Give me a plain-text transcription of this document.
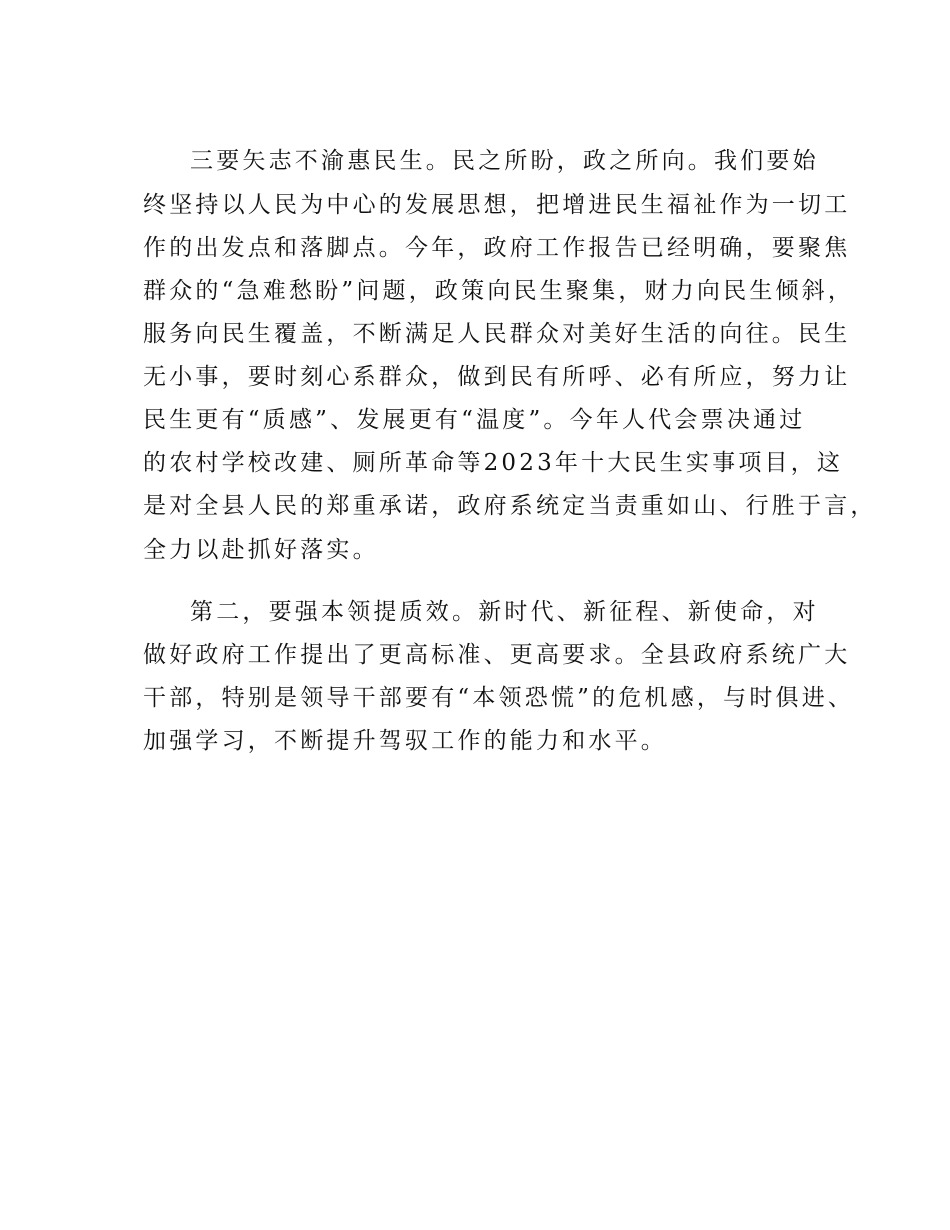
三要矢志不渝惠民生。民之所盼，政之所向。我们要始
终坚持以人民为中心的发展思想，把增进民生福祉作为一切工
作的出发点和落脚点。今年，政府工作报告已经明确，要聚焦
群众的“急难愁盼”问题，政策向民生聚集，财力向民生倾斜，
服务向民生覆盖，不断满足人民群众对美好生活的向往。民生
无小事，要时刻心系群众，做到民有所呼、必有所应，努力让
民生更有“质感”、发展更有“温度”。今年人代会票决通过
的农村学校改建、厕所革命等2023年十大民生实事项目，这
是对全县人民的郑重承诺，政府系统定当责重如山、行胜于言，
全力以赴抓好落实。
第二，要强本领提质效。新时代、新征程、新使命，对
做好政府工作提出了更高标准、更高要求。全县政府系统广大
干部，特别是领导干部要有“本领恐慌”的危机感，与时俱进、
加强学习，不断提升驾驭工作的能力和水平。
